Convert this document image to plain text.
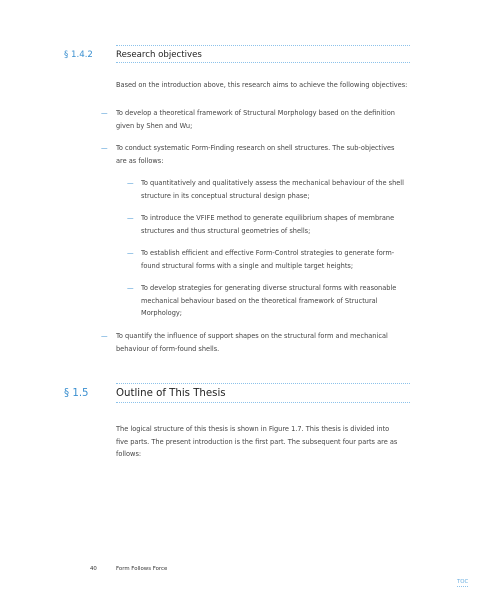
§ 1.4.2	Research objectives

Based on the introduction above, this research aims to achieve the following objectives:

— To develop a theoretical framework of Structural Morphology based on the definition
given by Shen and Wu;

— To conduct systematic Form-Finding research on shell structures. The sub-objectives
are as follows:

— To quantitatively and qualitatively assess the mechanical behaviour of the shell
structure in its conceptual structural design phase;

— To introduce the VFIFE method to generate equilibrium shapes of membrane
structures and thus structural geometries of shells;

— To establish efficient and effective Form-Control strategies to generate form-
found structural forms with a single and multiple target heights;

— To develop strategies for generating diverse structural forms with reasonable
mechanical behaviour based on the theoretical framework of Structural
Morphology;

— To quantify the influence of support shapes on the structural form and mechanical
behaviour of form-found shells.

§ 1.5	Outline of This Thesis

The logical structure of this thesis is shown in Figure 1.7. This thesis is divided into
five parts. The present introduction is the first part. The subsequent four parts are as
follows:

40	Form Follows Force
TOC
